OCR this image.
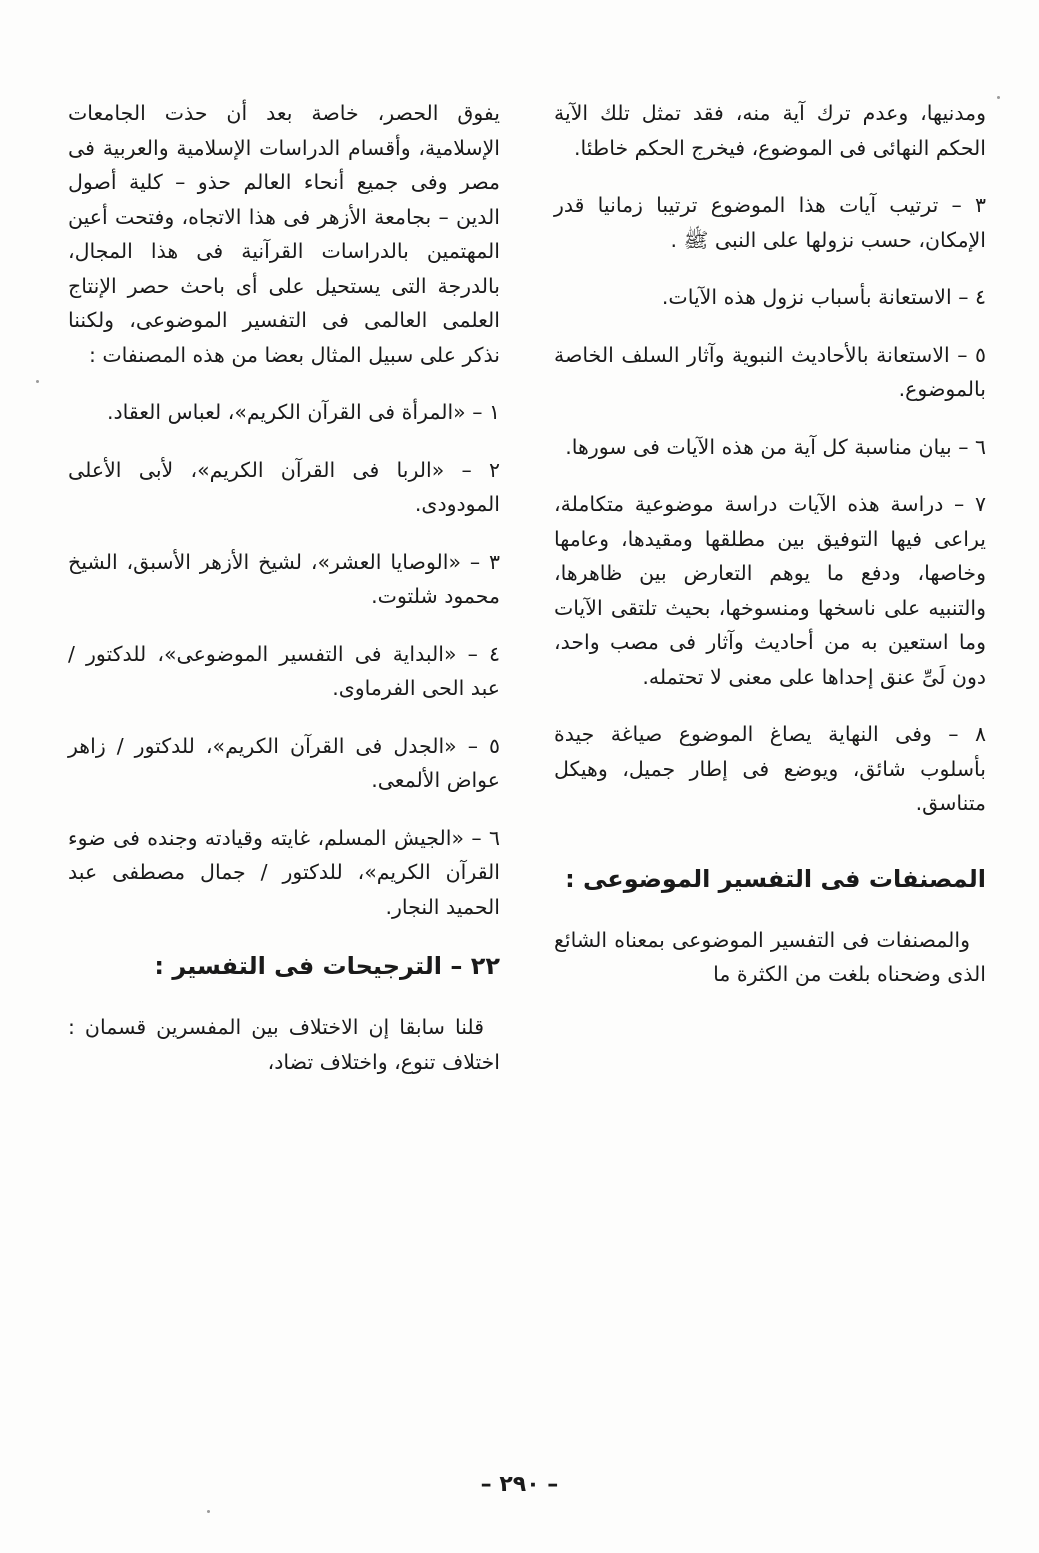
ومدنيها، وعدم ترك آية منه، فقد تمثل تلك الآية الحكم النهائى فى الموضوع، فيخرج الحكم خاطئا.

٣ – ترتيب آيات هذا الموضوع ترتيبا زمانيا قدر الإمكان، حسب نزولها على النبى ﷺ .

٤ – الاستعانة بأسباب نزول هذه الآيات.

٥ – الاستعانة بالأحاديث النبوية وآثار السلف الخاصة بالموضوع.

٦ – بيان مناسبة كل آية من هذه الآيات فى سورها.

٧ – دراسة هذه الآيات دراسة موضوعية متكاملة، يراعى فيها التوفيق بين مطلقها ومقيدها، وعامها وخاصها، ودفع ما يوهم التعارض بين ظاهرها، والتنبيه على ناسخها ومنسوخها، بحيث تلتقى الآيات وما استعين به من أحاديث وآثار فى مصب واحد، دون لَىِّ عنق إحداها على معنى لا تحتمله.

٨ – وفى النهاية يصاغ الموضوع صياغة جيدة بأسلوب شائق، ويوضع فى إطار جميل، وهيكل متناسق.

المصنفات فى التفسير الموضوعى :

والمصنفات فى التفسير الموضوعى بمعناه الشائع الذى وضحناه بلغت من الكثرة ما

يفوق الحصر، خاصة بعد أن حذت الجامعات الإسلامية، وأقسام الدراسات الإسلامية والعربية فى مصر وفى جميع أنحاء العالم حذو – كلية أصول الدين – بجامعة الأزهر فى هذا الاتجاه، وفتحت أعين المهتمين بالدراسات القرآنية فى هذا المجال، بالدرجة التى يستحيل على أى باحث حصر الإنتاج العلمى العالمى فى التفسير الموضوعى، ولكننا نذكر على سبيل المثال بعضا من هذه المصنفات :

١ – «المرأة فى القرآن الكريم»، لعباس العقاد.

٢ – «الربا فى القرآن الكريم»، لأبى الأعلى المودودى.

٣ – «الوصايا العشر»، لشيخ الأزهر الأسبق، الشيخ محمود شلتوت.

٤ – «البداية فى التفسير الموضوعى»، للدكتور / عبد الحى الفرماوى.

٥ – «الجدل فى القرآن الكريم»، للدكتور / زاهر عواض الألمعى.

٦ – «الجيش المسلم، غايته وقيادته وجنده فى ضوء القرآن الكريم»، للدكتور / جمال مصطفى عبد الحميد النجار.

٢٢ – الترجيحات فى التفسير :

قلنا سابقا إن الاختلاف بين المفسرين قسمان : اختلاف تنوع، واختلاف تضاد،

– ٢٩٠ –
